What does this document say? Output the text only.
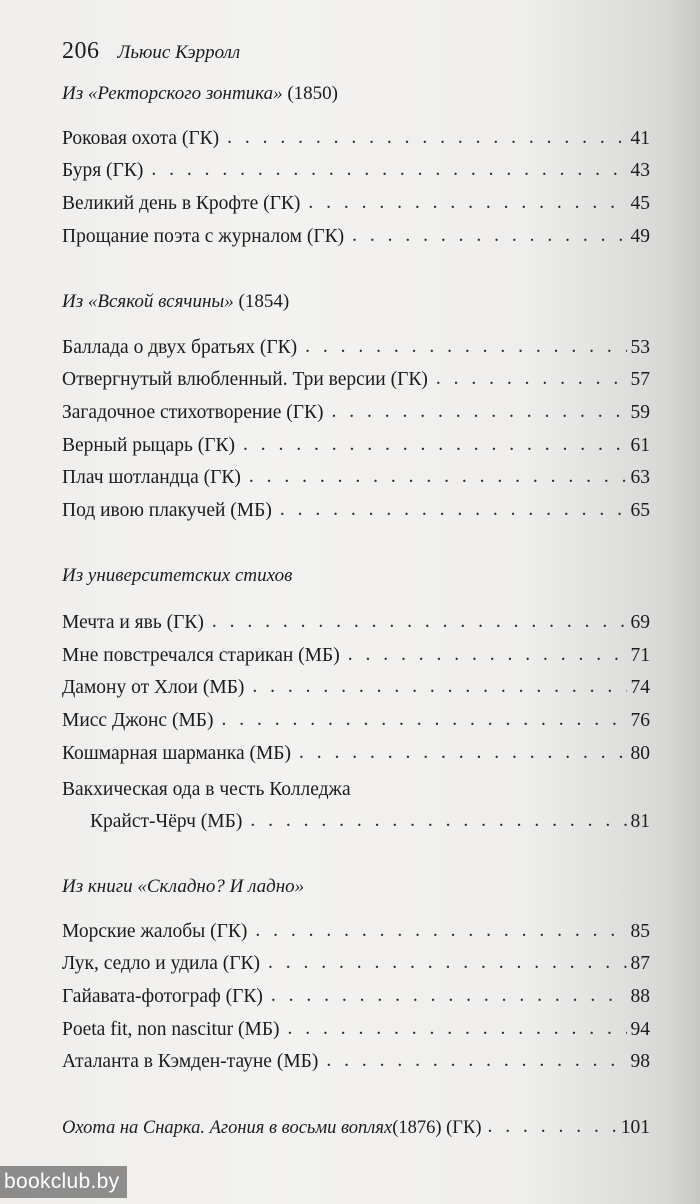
206 Льюис Кэрролл
Из «Ректорского зонтика» (1850)
Роковая охота (ГК) . . .	41
Буря (ГК) . . .	43
Великий день в Крофте (ГК) . . .	45
Прощание поэта с журналом (ГК) . . .	49
Из «Всякой всячины» (1854)
Баллада о двух братьях (ГК) . . .	53
Отвергнутый влюбленный. Три версии (ГК) . . .	57
Загадочное стихотворение (ГК) . . .	59
Верный рыцарь (ГК) . . .	61
Плач шотландца (ГК) . . .	63
Под ивою плакучей (МБ) . . .	65
Из университетских стихов
Мечта и явь (ГК) . . .	69
Мне повстречался старикан (МБ) . . .	71
Дамону от Хлои (МБ) . . .	74
Мисс Джонс (МБ) . . .	76
Кошмарная шарманка (МБ) . . .	80
Вакхическая ода в честь Колледжа
Крайст-Чёрч (МБ) . . .	81
Из книги «Складно? И ладно»
Морские жалобы (ГК) . . .	85
Лук, седло и удила (ГК) . . .	87
Гайавата-фотограф (ГК) . . .	88
Poeta fit, non nascitur (МБ) . . .	94
Аталанта в Кэмден-тауне (МБ) . . .	98
Охота на Снарка. Агония в восьми воплях (1876) (ГК) . . .	101
bookclub.by
